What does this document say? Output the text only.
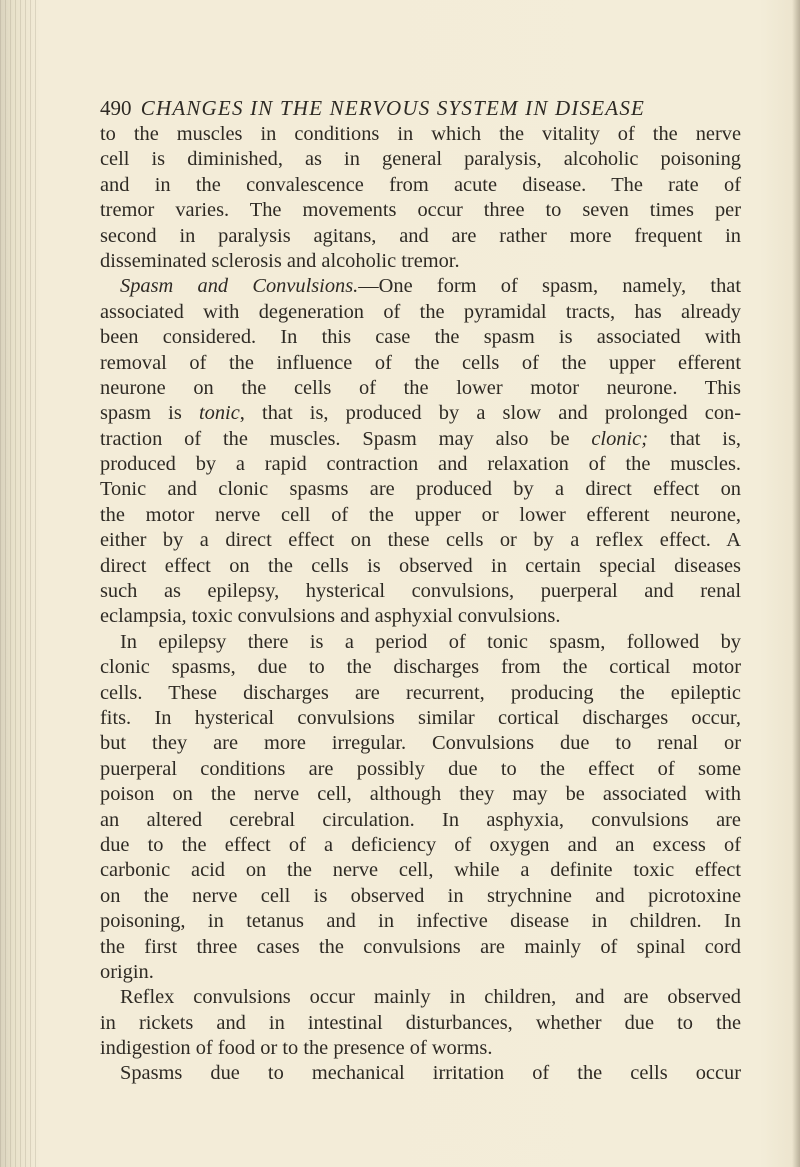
490 CHANGES IN THE NERVOUS SYSTEM IN DISEASE
to the muscles in conditions in which the vitality of the nerve
cell is diminished, as in general paralysis, alcoholic poisoning
and in the convalescence from acute disease. The rate of
tremor varies. The movements occur three to seven times per
second in paralysis agitans, and are rather more frequent in
disseminated sclerosis and alcoholic tremor.
Spasm and Convulsions.—One form of spasm, namely, that
associated with degeneration of the pyramidal tracts, has already
been considered. In this case the spasm is associated with
removal of the influence of the cells of the upper efferent
neurone on the cells of the lower motor neurone. This
spasm is tonic, that is, produced by a slow and prolonged con-
traction of the muscles. Spasm may also be clonic; that is,
produced by a rapid contraction and relaxation of the muscles.
Tonic and clonic spasms are produced by a direct effect on
the motor nerve cell of the upper or lower efferent neurone,
either by a direct effect on these cells or by a reflex effect. A
direct effect on the cells is observed in certain special diseases
such as epilepsy, hysterical convulsions, puerperal and renal
eclampsia, toxic convulsions and asphyxial convulsions.
In epilepsy there is a period of tonic spasm, followed by
clonic spasms, due to the discharges from the cortical motor
cells. These discharges are recurrent, producing the epileptic
fits. In hysterical convulsions similar cortical discharges occur,
but they are more irregular. Convulsions due to renal or
puerperal conditions are possibly due to the effect of some
poison on the nerve cell, although they may be associated with
an altered cerebral circulation. In asphyxia, convulsions are
due to the effect of a deficiency of oxygen and an excess of
carbonic acid on the nerve cell, while a definite toxic effect
on the nerve cell is observed in strychnine and picrotoxine
poisoning, in tetanus and in infective disease in children. In
the first three cases the convulsions are mainly of spinal cord
origin.
Reflex convulsions occur mainly in children, and are observed
in rickets and in intestinal disturbances, whether due to the
indigestion of food or to the presence of worms.
Spasms due to mechanical irritation of the cells occur
